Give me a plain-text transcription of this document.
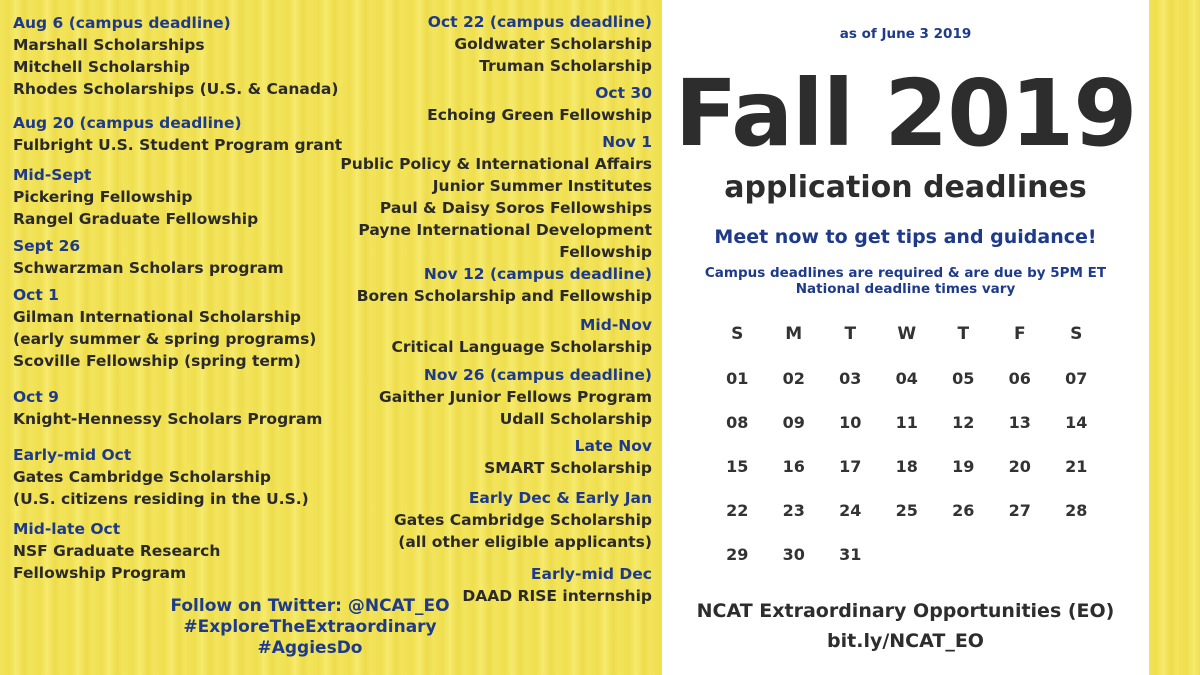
Aug 6 (campus deadline)
Marshall Scholarships
Mitchell Scholarship
Rhodes Scholarships (U.S. & Canada)
Aug 20 (campus deadline)
Fulbright U.S. Student Program grant
Mid-Sept
Pickering Fellowship
Rangel Graduate Fellowship
Sept 26
Schwarzman Scholars program
Oct 1
Gilman International Scholarship
(early summer & spring programs)
Scoville Fellowship (spring term)
Oct 9
Knight-Hennessy Scholars Program
Early-mid Oct
Gates Cambridge Scholarship
(U.S. citizens residing in the U.S.)
Mid-late Oct
NSF Graduate Research
Fellowship Program
Oct 22 (campus deadline)
Goldwater Scholarship
Truman Scholarship
Oct 30
Echoing Green Fellowship
Nov 1
Public Policy & International Affairs
Junior Summer Institutes
Paul & Daisy Soros Fellowships
Payne International Development
Fellowship
Nov 12 (campus deadline)
Boren Scholarship and Fellowship
Mid-Nov
Critical Language Scholarship
Nov 26 (campus deadline)
Gaither Junior Fellows Program
Udall Scholarship
Late Nov
SMART Scholarship
Early Dec & Early Jan
Gates Cambridge Scholarship
(all other eligible applicants)
Early-mid Dec
DAAD RISE internship
Follow on Twitter: @NCAT_EO
#ExploreTheExtraordinary
#AggiesDo
as of June 3 2019
Fall 2019
application deadlines
Meet now to get tips and guidance!
Campus deadlines are required & are due by 5PM ET
National deadline times vary
S	M	T	W	T	F	S
01	02	03	04	05	06	07
08	09	10	11	12	13	14
15	16	17	18	19	20	21
22	23	24	25	26	27	28
29	30	31
NCAT Extraordinary Opportunities (EO)
bit.ly/NCAT_EO
